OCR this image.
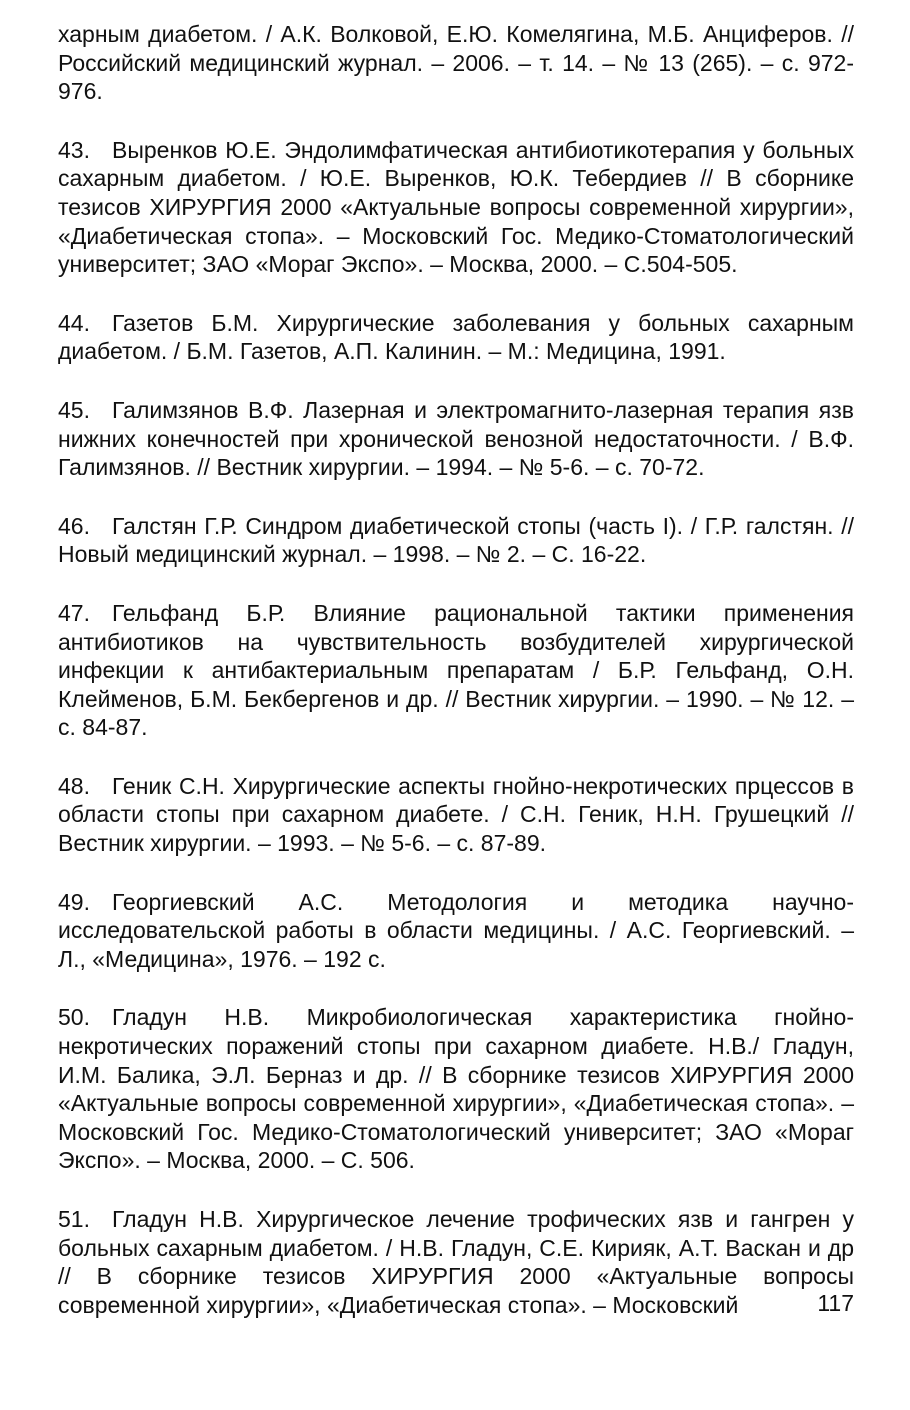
харным диабетом. / А.К. Волковой, Е.Ю. Комелягина, М.Б. Анциферов. // Российский медицинский журнал. – 2006. – т. 14. – № 13 (265). – с. 972-976.

43. Выренков Ю.Е. Эндолимфатическая антибиотикотерапия у больных сахарным диабетом. / Ю.Е. Выренков, Ю.К. Тебердиев // В сборнике тезисов ХИРУРГИЯ 2000 «Актуальные вопросы современной хирургии», «Диабетическая стопа». – Московский Гос. Медико-Стоматологический университет; ЗАО «Мораг Экспо». – Москва, 2000. – С.504-505.

44. Газетов Б.М. Хирургические заболевания у больных сахарным диабетом. / Б.М. Газетов, А.П. Калинин. – М.: Медицина, 1991.

45. Галимзянов В.Ф. Лазерная и электромагнито-лазерная терапия язв нижних конечностей при хронической венозной недостаточности. / В.Ф. Галимзянов. // Вестник хирургии. – 1994. – № 5-6. – с. 70-72.

46. Галстян Г.Р. Синдром диабетической стопы (часть I). / Г.Р. галстян. // Новый медицинский журнал. – 1998. – № 2. – С. 16-22.

47. Гельфанд Б.Р. Влияние рациональной тактики применения антибиотиков на чувствительность возбудителей хирургической инфекции к антибактериальным препаратам / Б.Р. Гельфанд, О.Н. Клейменов, Б.М. Бекбергенов и др. // Вестник хирургии. – 1990. – № 12. – с. 84-87.

48. Геник С.Н. Хирургические аспекты гнойно-некротических прцессов в области стопы при сахарном диабете. / С.Н. Геник, Н.Н. Грушецкий // Вестник хирургии. – 1993. – № 5-6. – с. 87-89.

49. Георгиевский А.С. Методология и методика научно-исследовательской работы в области медицины. / А.С. Георгиевский. – Л., «Медицина», 1976. – 192 с.

50. Гладун Н.В. Микробиологическая характеристика гнойно-некротических поражений стопы при сахарном диабете. Н.В./ Гладун, И.М. Балика, Э.Л. Берназ и др. // В сборнике тезисов ХИРУРГИЯ 2000 «Актуальные вопросы современной хирургии», «Диабетическая стопа». – Московский Гос. Медико-Стоматологический университет; ЗАО «Мораг Экспо». – Москва, 2000. – С. 506.

51. Гладун Н.В. Хирургическое лечение трофических язв и гангрен у больных сахарным диабетом. / Н.В. Гладун, С.Е. Кирияк, А.Т. Васкан и др // В сборнике тезисов ХИРУРГИЯ 2000 «Актуальные вопросы современной хирургии», «Диабетическая стопа». – Московский	117
